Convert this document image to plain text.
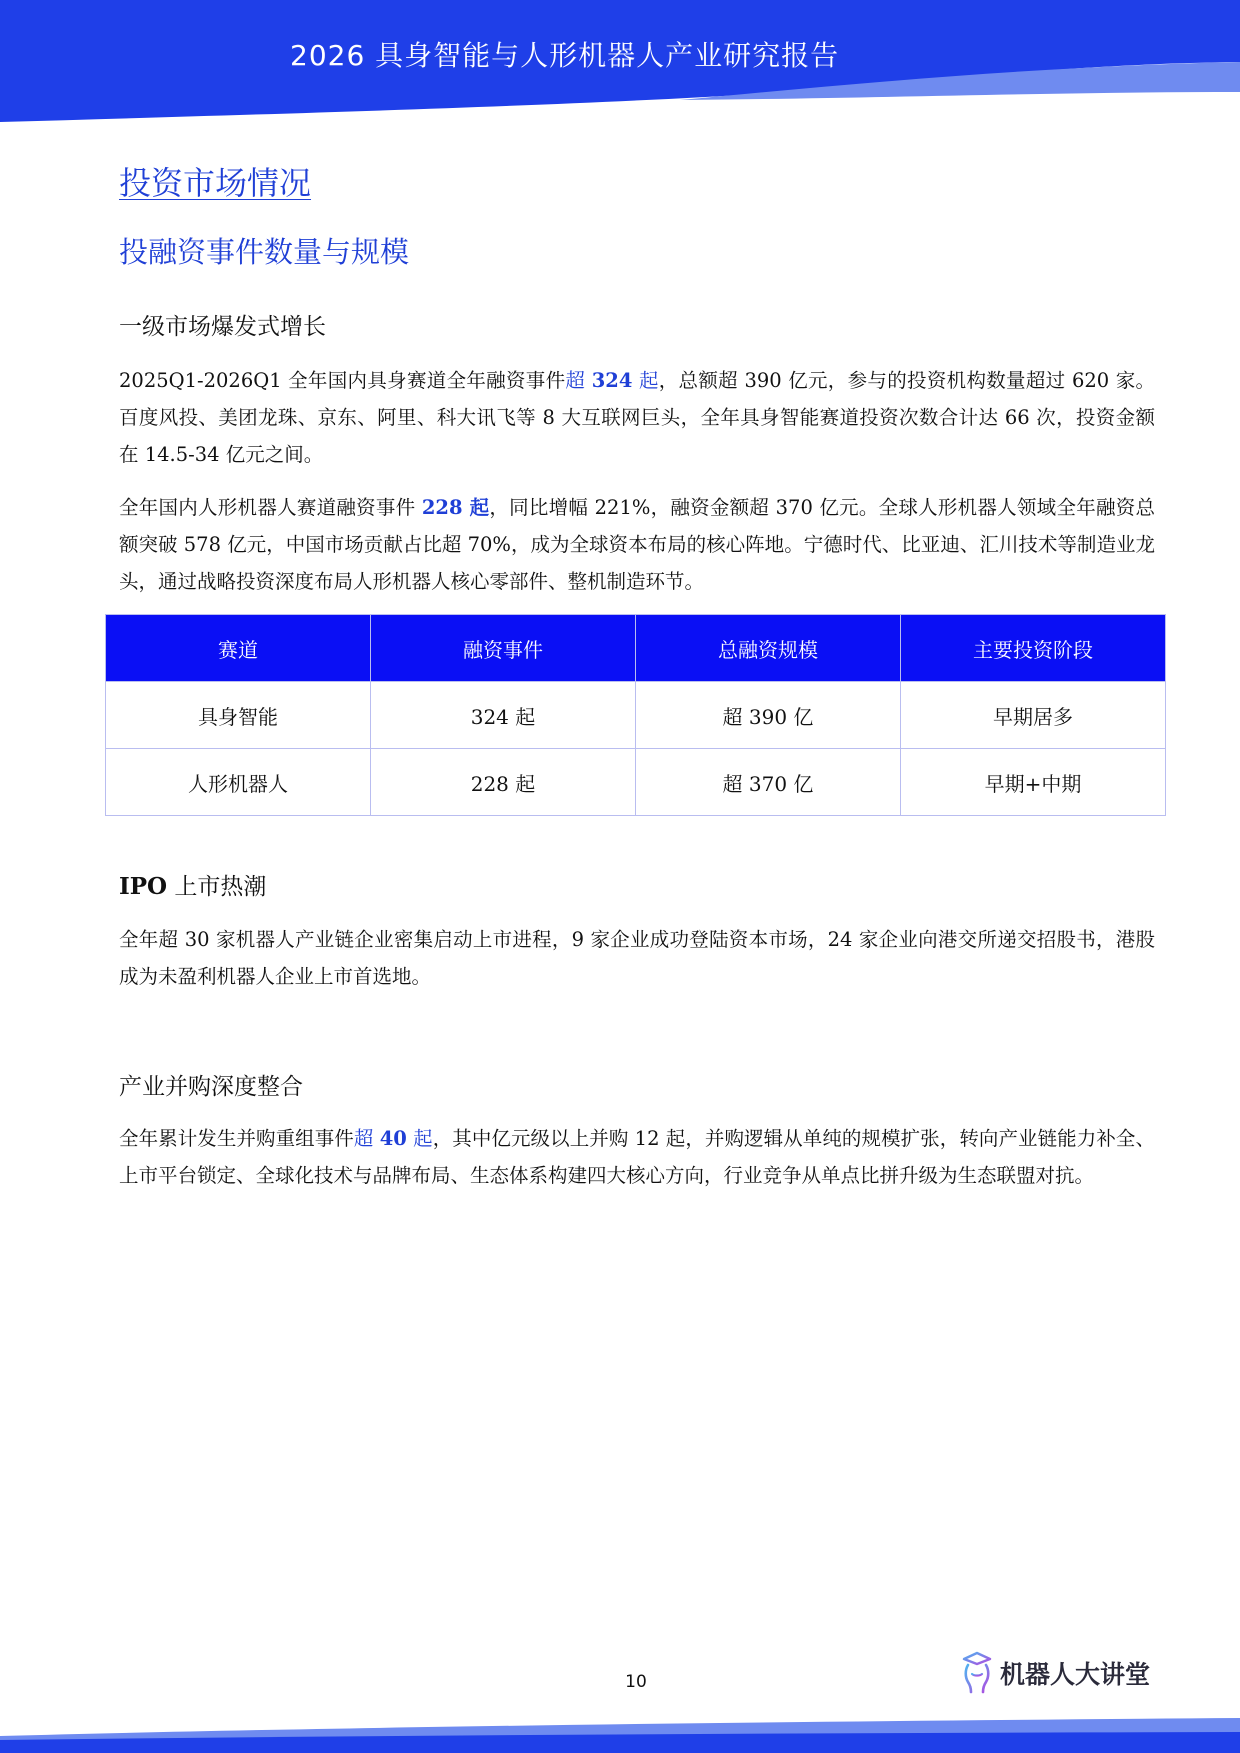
2026 具身智能与人形机器人产业研究报告
投资市场情况
投融资事件数量与规模
一级市场爆发式增长
2025Q1-2026Q1 全年国内具身赛道全年融资事件超 324 起，总额超 390 亿元，参与的投资机构数量超过 620 家。百度风投、美团龙珠、京东、阿里、科大讯飞等 8 大互联网巨头，全年具身智能赛道投资次数合计达 66 次，投资金额在 14.5-34 亿元之间。
全年国内人形机器人赛道融资事件 228 起，同比增幅 221%，融资金额超 370 亿元。全球人形机器人领域全年融资总额突破 578 亿元，中国市场贡献占比超 70%，成为全球资本布局的核心阵地。宁德时代、比亚迪、汇川技术等制造业龙头，通过战略投资深度布局人形机器人核心零部件、整机制造环节。
IPO 上市热潮
全年超 30 家机器人产业链企业密集启动上市进程，9 家企业成功登陆资本市场，24 家企业向港交所递交招股书，港股成为未盈利机器人企业上市首选地。
产业并购深度整合
全年累计发生并购重组事件超 40 起，其中亿元级以上并购 12 起，并购逻辑从单纯的规模扩张，转向产业链能力补全、上市平台锁定、全球化技术与品牌布局、生态体系构建四大核心方向，行业竞争从单点比拼升级为生态联盟对抗。
赛道	融资事件	总融资规模	主要投资阶段
具身智能	324 起	超 390 亿	早期居多
人形机器人	228 起	超 370 亿	早期+中期
10	机器人大讲堂
